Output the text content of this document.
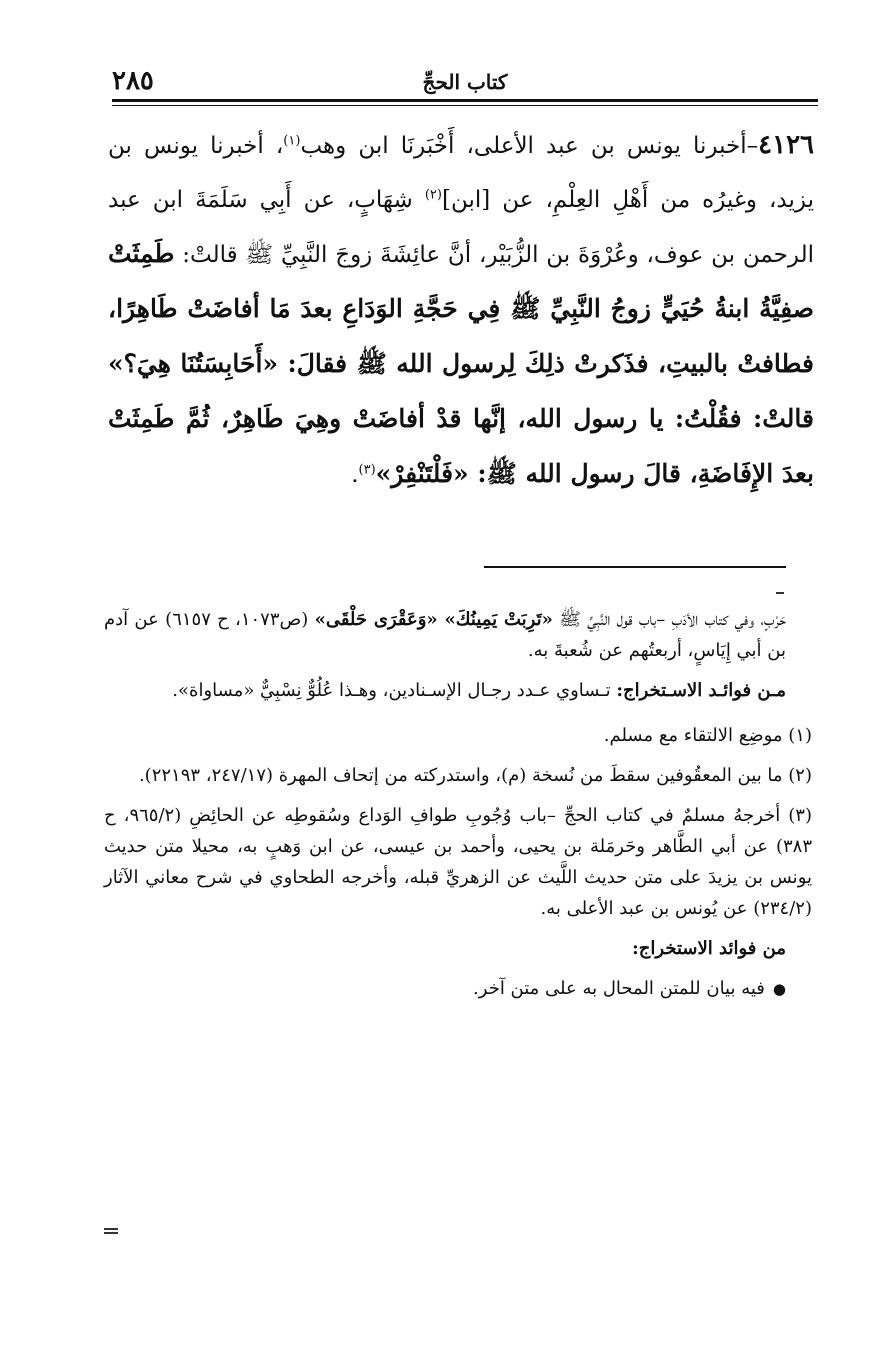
كتاب الحجِّ
٢٨٥
٤١٢٦–أخبرنا يونس بن عبد الأعلى، أَخْبَرنَا ابن وهب$^{(١)}$، أخبرنا يونس بن يزيد، وغيرُه من أَهْلِ العِلْمِ، عن [ابن]$^{(٢)}$ شِهَابٍ، عن أَبِي سَلَمَةَ ابن عبد الرحمن بن عوف، وعُرْوَةَ بن الزُّبَيْر، أنَّ عائِشَةَ زوجَ النَّبِيِّ ﷺ قالتْ: طَمِثَتْ صفِيَّةُ ابنةُ حُيَيٍّ زوجُ النَّبِيِّ ﷺ فِي حَجَّةِ الوَدَاعِ بعدَ مَا أفاضَتْ طَاهِرًا، فطافتْ بالبيتِ، فذَكرتْ ذلِكَ لِرسول الله ﷺ فقالَ: «أَحَابِسَتُنَا هِيَ؟» قالتْ: فقُلْتُ: يا رسول الله، إنَّها قدْ أفاضَتْ وهِيَ طَاهِرٌ، ثُمَّ طَمِثَتْ بعدَ الإِفَاضَةِ، قالَ رسول الله ﷺ: «فَلْتَنْفِرْ»$^{(٣)}$.

حَرْبٍ، وفي كتاب الأدَبِ –باب قول النَّبِيِّ ﷺ «تَرِبَتْ يَمِينُكَ» «وَعَقْرَى حَلْقَى» (ص١٠٧٣، ح ٦١٥٧) عن آدم بن أبي إِيَاسٍ، أربعتُهم عن شُعبةَ به.

مـن فوائـد الاسـتخراج: تـساوي عـدد رجـال الإسـنادين، وهـذا عُلُوٌّ نِسْبِيٌّ «مساواة».

(١) موضِع الالتقاء مع مسلم.

(٢) ما بين المعقُوفين سقطَ من نُسخة (م)، واستدركته من إتحاف المهرة (٢٤٧/١٧، ٢٢١٩٣).

(٣) أخرجهُ مسلمٌ في كتاب الحجِّ –باب وُجُوبِ طوافِ الوَداع وسُقوطِه عن الحائِضِ (٩٦٥/٢، ح ٣٨٣) عن أبي الطَّاهر وحَرمَلة بن يحيى، وأحمد بن عيسى، عن ابن وَهبٍ به، محيلا متن حديث يونس بن يزيدَ على متن حديث اللَّيث عن الزهريِّ قبله، وأخرجه الطحاوي في شرح معاني الآثار (٢٣٤/٢) عن يُونس بن عبد الأعلى به.

من فوائد الاستخراج:

● فيه بيان للمتن المحال به على متن آخر.
